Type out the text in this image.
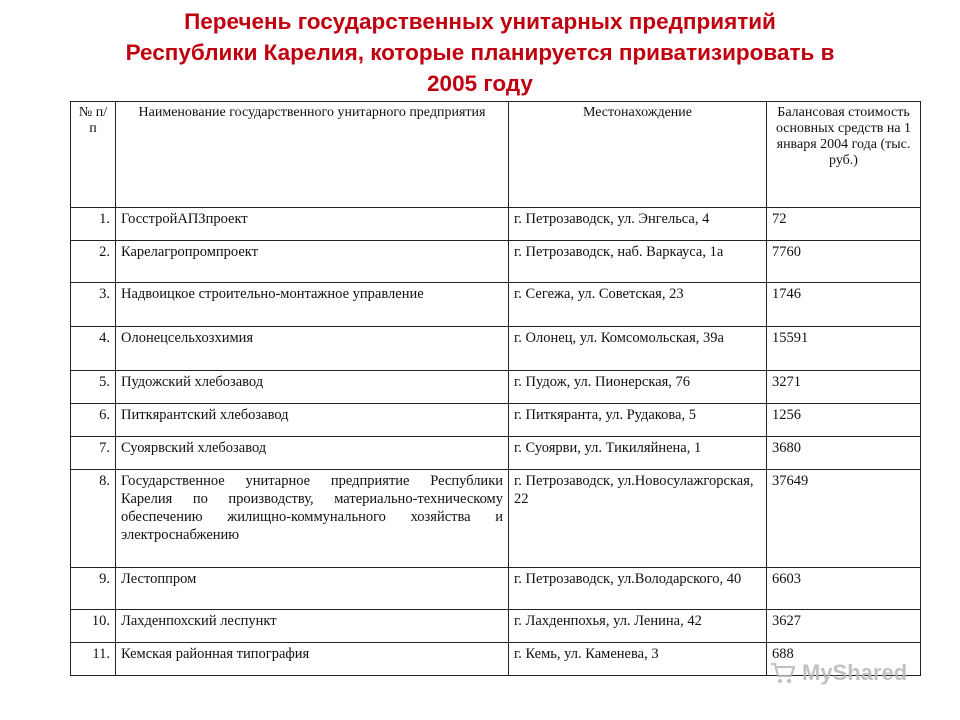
Перечень государственных унитарных предприятий
Республики Карелия, которые планируется приватизировать в
2005 году
№ п/п	Наименование государственного унитарного предприятия	Местонахождение	Балансовая стоимость основных средств на 1 января 2004 года (тыс. руб.)
1.	ГосстройАПЗпроект	г. Петрозаводск, ул. Энгельса, 4	72
2.	Карелагропромпроект	г. Петрозаводск, наб. Варкауса, 1а	7760
3.	Надвоицкое строительно-монтажное управление	г. Сегежа, ул. Советская, 23	1746
4.	Олонецсельхозхимия	г. Олонец, ул. Комсомольская, 39а	15591
5.	Пудожский хлебозавод	г. Пудож, ул. Пионерская, 76	3271
6.	Питкярантский хлебозавод	г. Питкяранта, ул. Рудакова, 5	1256
7.	Суоярвский хлебозавод	г. Суоярви, ул. Тикиляйнена, 1	3680
8.	Государственное унитарное предприятие Республики Карелия по производству, материально-техническому обеспечению жилищно-коммунального хозяйства и электроснабжению	г. Петрозаводск, ул.Новосулажгорская, 22	37649
9.	Лестоппром	г. Петрозаводск, ул.Володарского, 40	6603
10.	Лахденпохский леспункт	г. Лахденпохья, ул. Ленина, 42	3627
11.	Кемская районная типография	г. Кемь, ул. Каменева, 3	688
MyShared
